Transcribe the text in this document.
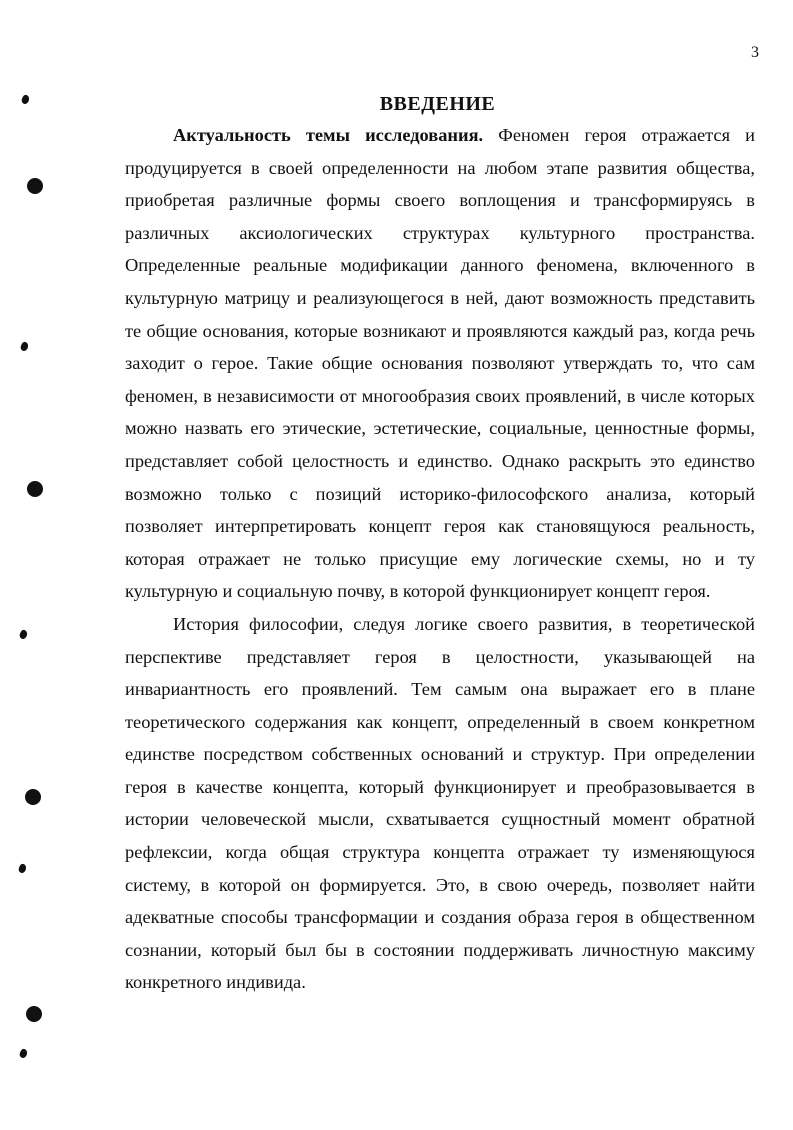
3
ВВЕДЕНИЕ

Актуальность темы исследования. Феномен героя отражается и продуцируется в своей определенности на любом этапе развития общества, приобретая различные формы своего воплощения и трансформируясь в различных аксиологических структурах культурного пространства. Определенные реальные модификации данного феномена, включенного в культурную матрицу и реализующегося в ней, дают возможность представить те общие основания, которые возникают и проявляются каждый раз, когда речь заходит о герое. Такие общие основания позволяют утверждать то, что сам феномен, в независимости от многообразия своих проявлений, в числе которых можно назвать его этические, эстетические, социальные, ценностные формы, представляет собой целостность и единство. Однако раскрыть это единство возможно только с позиций историко-философского анализа, который позволяет интерпретировать концепт героя как становящуюся реальность, которая отражает не только присущие ему логические схемы, но и ту культурную и социальную почву, в которой функционирует концепт героя.

История философии, следуя логике своего развития, в теоретической перспективе представляет героя в целостности, указывающей на инвариантность его проявлений. Тем самым она выражает его в плане теоретического содержания как концепт, определенный в своем конкретном единстве посредством собственных оснований и структур. При определении героя в качестве концепта, который функционирует и преобразовывается в истории человеческой мысли, схватывается сущностный момент обратной рефлексии, когда общая структура концепта отражает ту изменяющуюся систему, в которой он формируется. Это, в свою очередь, позволяет найти адекватные способы трансформации и создания образа героя в общественном сознании, который был бы в состоянии поддерживать личностную максиму конкретного индивида.
